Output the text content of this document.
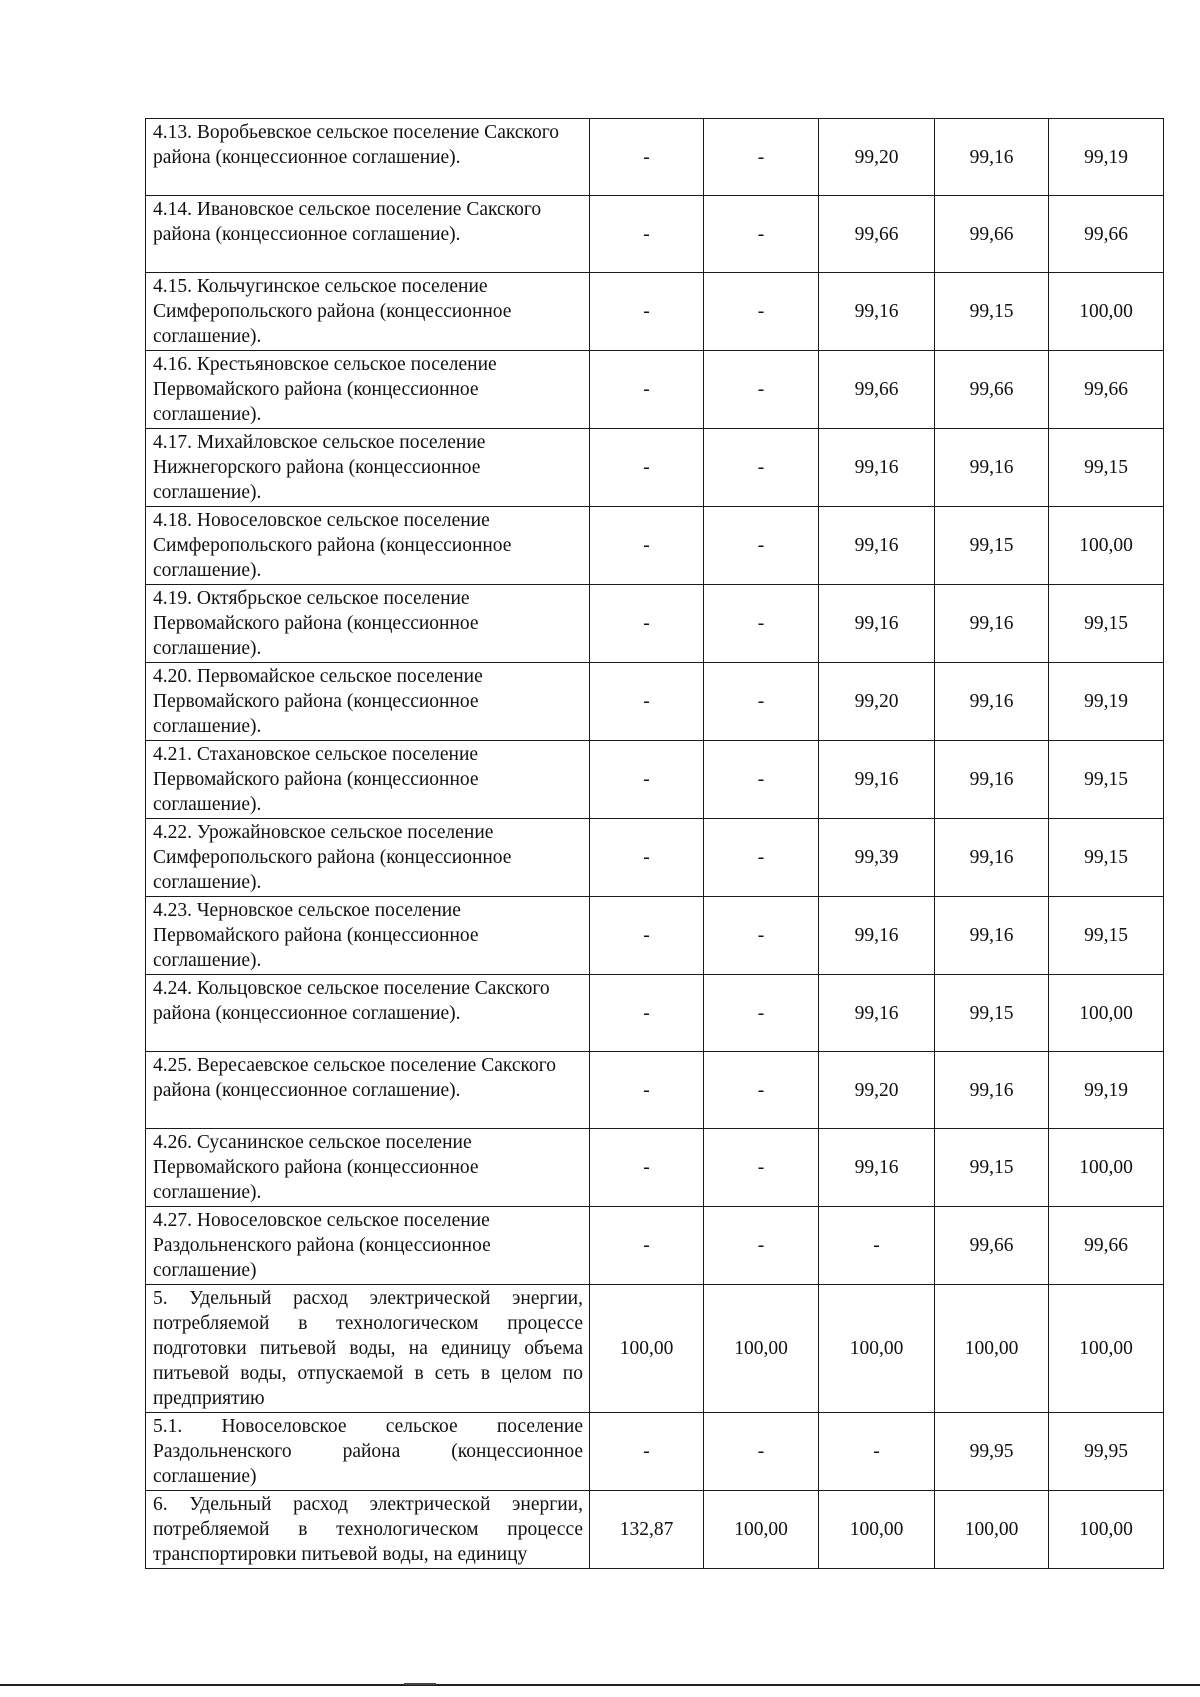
4.13. Воробьевское сельское поселение Сакского района (концессионное соглашение).	-	-	99,20	99,16	99,19
4.14. Ивановское сельское поселение Сакского района (концессионное соглашение).	-	-	99,66	99,66	99,66
4.15. Кольчугинское сельское поселение Симферопольского района (концессионное соглашение).	-	-	99,16	99,15	100,00
4.16. Крестьяновское сельское поселение Первомайского района (концессионное соглашение).	-	-	99,66	99,66	99,66
4.17. Михайловское сельское поселение Нижнегорского района (концессионное соглашение).	-	-	99,16	99,16	99,15
4.18. Новоселовское сельское поселение Симферопольского района (концессионное соглашение).	-	-	99,16	99,15	100,00
4.19. Октябрьское сельское поселение Первомайского района (концессионное соглашение).	-	-	99,16	99,16	99,15
4.20. Первомайское сельское поселение Первомайского района (концессионное соглашение).	-	-	99,20	99,16	99,19
4.21. Стахановское сельское поселение Первомайского района (концессионное соглашение).	-	-	99,16	99,16	99,15
4.22. Урожайновское сельское поселение Симферопольского района (концессионное соглашение).	-	-	99,39	99,16	99,15
4.23. Черновское сельское поселение Первомайского района (концессионное соглашение).	-	-	99,16	99,16	99,15
4.24. Кольцовское сельское поселение Сакского района (концессионное соглашение).	-	-	99,16	99,15	100,00
4.25. Вересаевское сельское поселение Сакского района (концессионное соглашение).	-	-	99,20	99,16	99,19
4.26. Сусанинское сельское поселение Первомайского района (концессионное соглашение).	-	-	99,16	99,15	100,00
4.27. Новоселовское сельское поселение Раздольненского района (концессионное соглашение)	-	-	-	99,66	99,66
5. Удельный расход электрической энергии, потребляемой в технологическом процессе подготовки питьевой воды, на единицу объема питьевой воды, отпускаемой в сеть в целом по предприятию	100,00	100,00	100,00	100,00	100,00
5.1. Новоселовское сельское поселение Раздольненского района (концессионное соглашение)	-	-	-	99,95	99,95
6. Удельный расход электрической энергии, потребляемой в технологическом процессе транспортировки питьевой воды, на единицу	132,87	100,00	100,00	100,00	100,00
